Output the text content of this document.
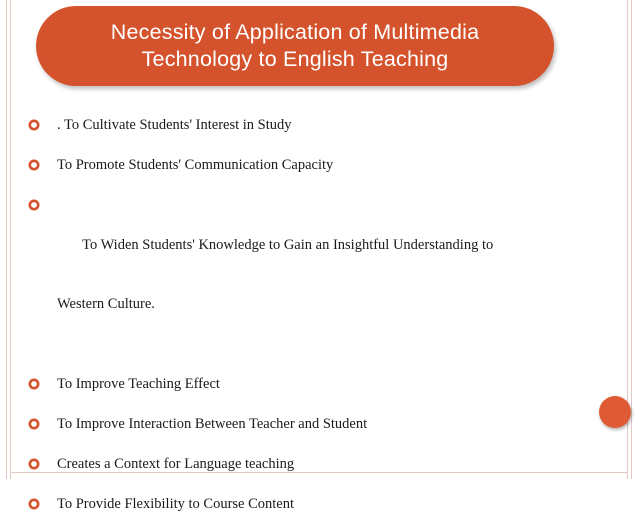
Necessity of Application of Multimedia
Technology to English Teaching
. To Cultivate Students' Interest in Study
To Promote Students' Communication Capacity

To Widen Students' Knowledge to Gain an Insightful Understanding to

Western Culture.

To Improve Teaching Effect
To Improve Interaction Between Teacher and Student
Creates a Context for Language teaching
To Provide Flexibility to Course Content
